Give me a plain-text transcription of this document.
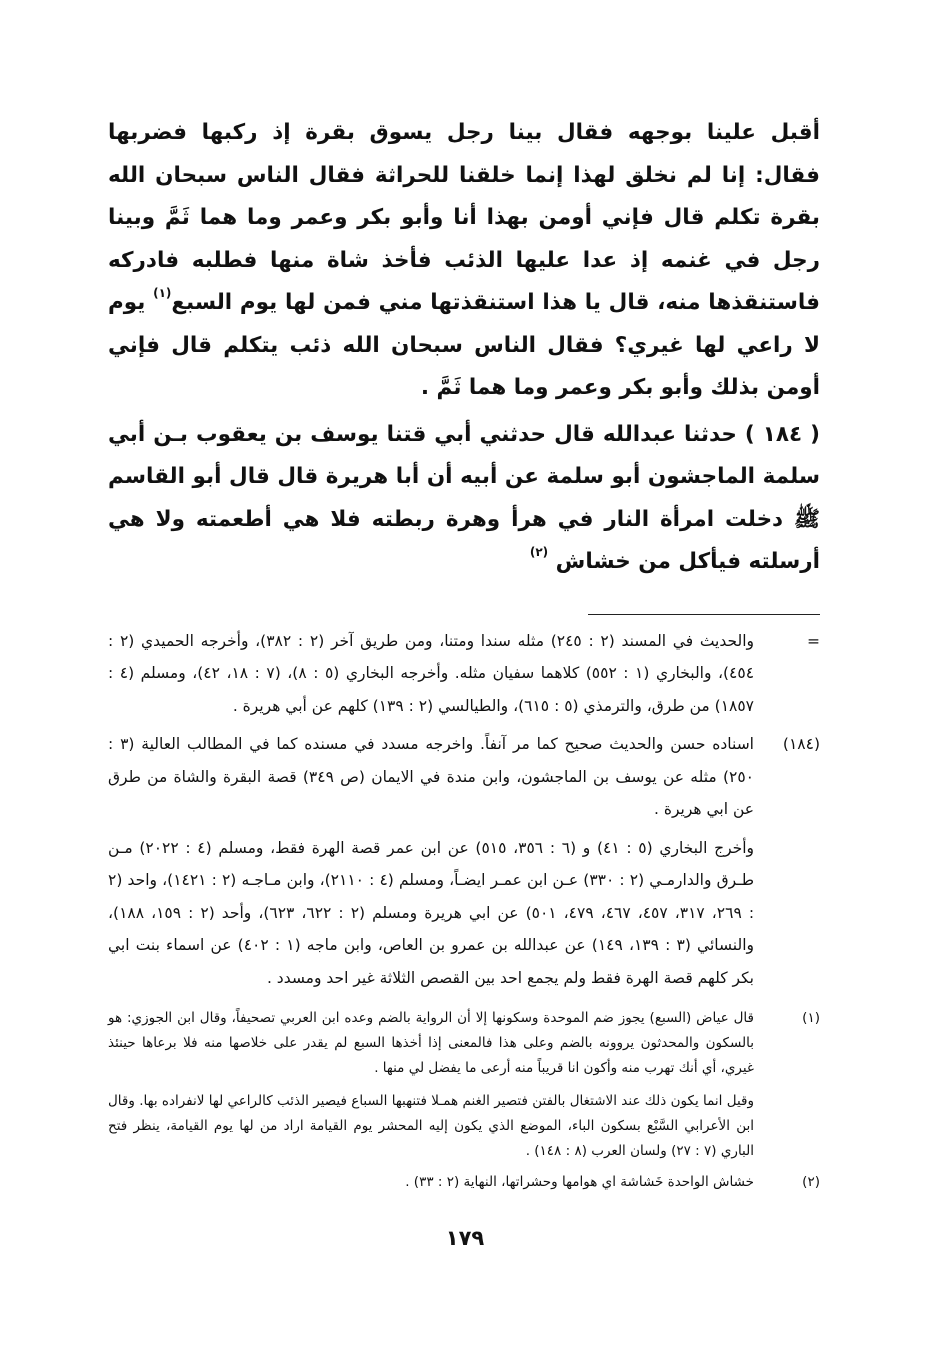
أقبل علينا بوجهه فقال بينا رجل يسوق بقرة إذ ركبها فضربها فقال: إنا لم نخلق لهذا إنما خلقنا للحراثة فقال الناس سبحان الله بقرة تكلم قال فإني أومن بهذا أنا وأبو بكر وعمر وما هما ثَمَّ وبينا رجل في غنمه إذ عدا عليها الذئب فأخذ شاة منها فطلبه فادركه فاستنقذها منه، قال يا هذا استنقذتها مني فمن لها يوم السبع$^{(١)}$ يوم لا راعي لها غيري؟ فقال الناس سبحان الله ذئب يتكلم قال فإني أومن بذلك وأبو بكر وعمر وما هما ثَمَّ .

( ١٨٤ ) حدثنا عبدالله قال حدثني أبي قتنا يوسف بن يعقوب بـن أبي سلمة الماجشون أبو سلمة عن أبيه أن أبا هريرة قال قال أبو القاسم ﷺ دخلت امرأة النار في هرأ وهرة ربطته فلا هي أطعمته ولا هي أرسلته فيأكل من خشاش $^{(٢)}$

=

والحديث في المسند (٢ : ٢٤٥) مثله سندا ومتنا، ومن طريق آخر (٢ : ٣٨٢)، وأخرجه الحميدي (٢ : ٤٥٤)، والبخاري (١ : ٥٥٢) كلاهما سفيان مثله. وأخرجه البخاري (٥ : ٨)، (٧ : ١٨، ٤٢)، ومسلم (٤ : ١٨٥٧) من طرق، والترمذي (٥ : ٦١٥)، والطيالسي (٢ : ١٣٩) كلهم عن أبي هريرة .

(١٨٤)

اسناده حسن والحديث صحيح كما مر آنفاً. واخرجه مسدد في مسنده كما في المطالب العالية (٣ : ٢٥٠) مثله عن يوسف بن الماجشون، وابن مندة في الايمان (ص ٣٤٩) قصة البقرة والشاة من طرق عن ابي هريرة .

وأخرج البخاري (٥ : ٤١) و (٦ : ٣٥٦، ٥١٥) عن ابن عمر قصة الهرة فقط، ومسلم (٤ : ٢٠٢٢) مـن طـرق والدارمـي (٢ : ٣٣٠) عـن ابن عمـر ايضـاً، ومسلم (٤ : ٢١١٠)، وابن مـاجـه (٢ : ١٤٢١)، واحد (٢ : ٢٦٩، ٣١٧، ٤٥٧، ٤٦٧، ٤٧٩، ٥٠١) عن ابي هريرة ومسلم (٢ : ٦٢٢، ٦٢٣)، وأحد (٢ : ١٥٩، ١٨٨)، والنسائي (٣ : ١٣٩، ١٤٩) عن عبدالله بن عمرو بن العاص، وابن ماجه (١ : ٤٠٢) عن اسماء بنت ابي بكر كلهم قصة الهرة فقط ولم يجمع احد بين القصص الثلاثة غير احد ومسدد .

(١)

قال عياض (السبع) يجوز ضم الموحدة وسكونها إلا أن الرواية بالضم وعده ابن العربي تصحيفاً، وقال ابن الجوزي: هو بالسكون والمحدثون يروونه بالضم وعلى هذا فالمعنى إذا أخذها السبع لم يقدر على خلاصها منه فلا برعاها حينئذ غيري، أي أنك تهرب منه وأكون انا قريباً منه أرعى ما يفضل لي منها .

وقيل انما يكون ذلك عند الاشتغال بالفتن فتصير الغنم همـلا فتنهبها السباع فيصير الذئب كالراعي لها لانفراده بها. وقال ابن الأعرابي السَّبْع بسكون الباء، الموضع الذي يكون إليه المحشر يوم القيامة اراد من لها يوم القيامة، ينظر فتح الباري (٧ : ٢٧) ولسان العرب (٨ : ١٤٨) .

(٢)

خشاش الواحدة خَشاشة اي هوامها وحشراتها، النهاية (٢ : ٣٣) .

١٧٩
